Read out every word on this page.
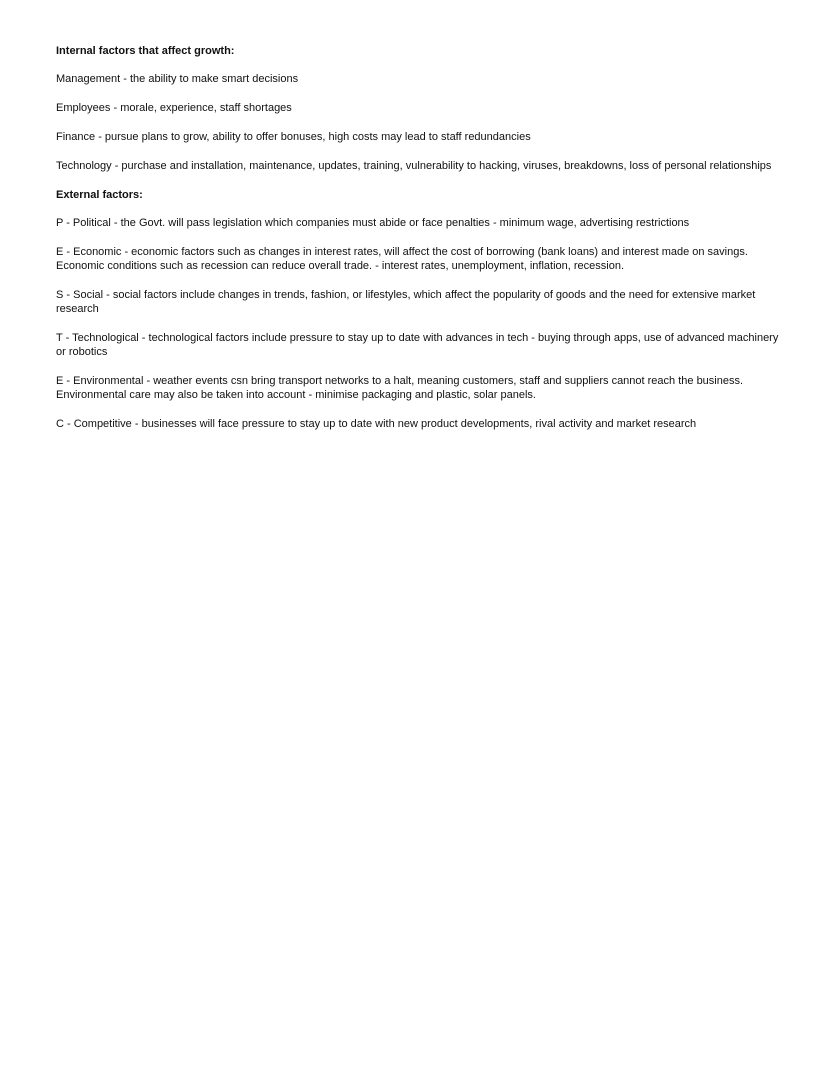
Internal factors that affect growth:
Management - the ability to make smart decisions
Employees - morale, experience, staff shortages
Finance - pursue plans to grow, ability to offer bonuses, high costs may lead to staff redundancies
Technology - purchase and installation, maintenance, updates, training, vulnerability to hacking, viruses, breakdowns, loss of personal relationships
External factors:
P - Political - the Govt. will pass legislation which companies must abide or face penalties - minimum wage, advertising restrictions
E - Economic - economic factors such as changes in interest rates, will affect the cost of borrowing (bank loans) and interest made on savings. Economic conditions such as recession can reduce overall trade. - interest rates, unemployment, inflation, recession.
S - Social - social factors include changes in trends, fashion, or lifestyles, which affect the popularity of goods and the need for extensive market research
T - Technological - technological factors include pressure to stay up to date with advances in tech - buying through apps, use of advanced machinery or robotics
E - Environmental - weather events csn bring transport networks to a halt, meaning customers, staff and suppliers cannot reach the business. Environmental care may also be taken into account - minimise packaging and plastic, solar panels.
C - Competitive - businesses will face pressure to stay up to date with new product developments, rival activity and market research
